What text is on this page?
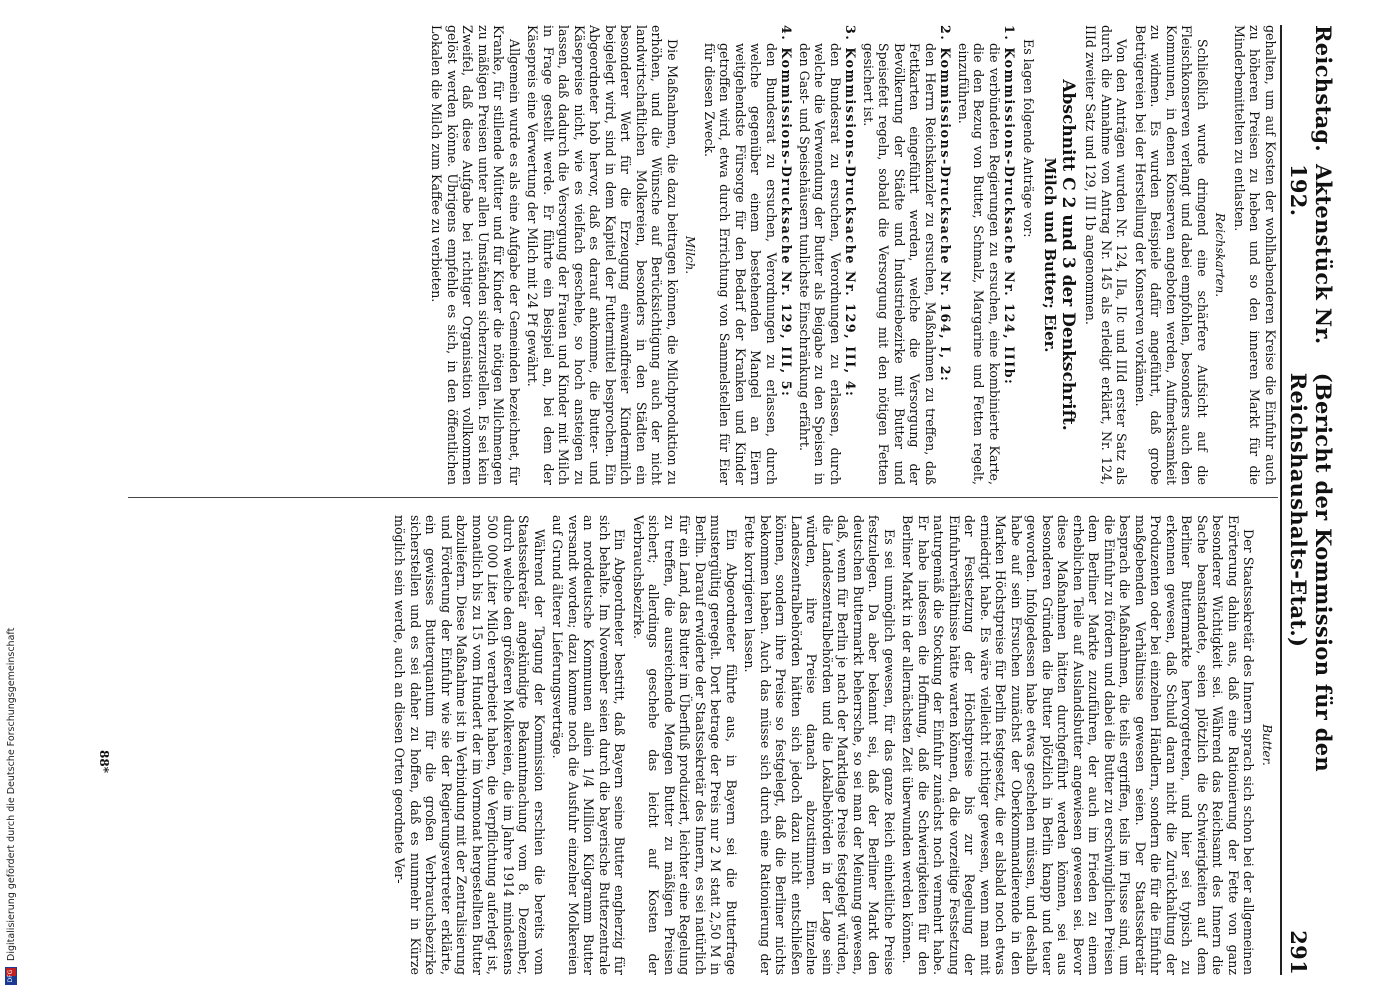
Reichstag.
Aktenstück Nr. 192.
(Bericht der Kommission für den Reichshaushalts-Etat.)
291

gehalten, um auf Kosten der wohlhabenderen Kreise die Einfuhr auch zu höheren Preisen zu heben und so den inneren Markt für die Minderbemittelten zu entlasten.

Reichskarten.

Schließlich wurde dringend eine schärfere Aufsicht auf die Fleischkonserven verlangt und dabei empfohlen, besonders auch den Kommunen, in denen Konserven angeboten werden, Aufmerksamkeit zu widmen. Es wurden Beispiele dafür angeführt, daß grobe Betrügereien bei der Herstellung der Konserven vorkämen.

Von den Anträgen wurden Nr. 124, IIa, IIc und IIId erster Satz als durch die Annahme von Antrag Nr. 145 als erledigt erklärt, Nr. 124, IIId zweiter Satz und 129, III 1b angenommen.

Abschnitt C 2 und 3 der Denkschrift.
Milch und Butter; Eier.

Es lagen folgende Anträge vor:

1. Kommissions-Drucksache Nr. 124, IIIb:
die verbündeten Regierungen zu ersuchen, eine kombinierte Karte, die den Bezug von Butter, Schmalz, Margarine und Fetten regelt, einzuführen.
2. Kommissions-Drucksache Nr. 164, I, 2:
den Herrn Reichskanzler zu ersuchen, Maßnahmen zu treffen, daß Fettkarten eingeführt werden, welche die Versorgung der Bevölkerung der Städte und Industriebezirke mit Butter und Speisefett regeln, sobald die Versorgung mit den nötigen Fetten gesichert ist.
3. Kommissions-Drucksache Nr. 129, III, 4:
den Bundesrat zu ersuchen, Verordnungen zu erlassen, durch welche die Verwendung der Butter als Beigabe zu den Speisen in den Gast- und Speisehäusern tunlichste Einschränkung erfährt.
4. Kommissions-Drucksache Nr. 129, III, 5:
den Bundesrat zu ersuchen, Verordnungen zu erlassen, durch welche gegenüber einem bestehenden Mangel an Eiern weitgehendste Fürsorge für den Bedarf der Kranken und Kinder getroffen wird, etwa durch Errichtung von Sammelstellen für Eier für diesen Zweck.
Milch.

Die Maßnahmen, die dazu beitragen können, die Milchproduktion zu erhöhen, und die Wünsche auf Berücksichtigung auch der nicht landwirtschaftlichen Molkereien, besonders in den Städten ein besonderer Wert für die Erzeugung einwandfreier Kindermilch beigelegt wird, sind in dem Kapitel der Futtermittel besprochen. Ein Abgeordneter hob hervor, daß es darauf ankomme, die Butter- und Käsepreise nicht, wie es vielfach geschehe, so hoch ansteigen zu lassen, daß dadurch die Versorgung der Frauen und Kinder mit Milch in Frage gestellt werde. Er führte ein Beispiel an, bei dem der Käsepreis eine Verwertung der Milch mit 24 Pf gewährt.

Allgemein wurde es als eine Aufgabe der Gemeinden bezeichnet, für Kranke, für stillende Mütter und für Kinder die nötigen Milchmengen zu mäßigen Preisen unter allen Umständen sicherzustellen. Es sei kein Zweifel, daß diese Aufgabe bei richtiger Organisation vollkommen gelöst werden könne. Übrigens empfehle es sich, in den öffentlichen Lokalen die Milch zum Kaffee zu verbieten.

Butter.

Der Staatssekretär des Innern sprach sich schon bei der allgemeinen Erörterung dahin aus, daß eine Rationierung der Fette von ganz besonderer Wichtigkeit sei. Während das Reichsamt des Innern die Sache beanstandete, seien plötzlich die Schwierigkeiten auf dem Berliner Buttermarkte hervorgetreten, und hier sei typisch zu erkennen gewesen, daß Schuld daran nicht die Zurückhaltung der Produzenten oder bei einzelnen Händlern, sondern die für die Einfuhr maßgebenden Verhältnisse gewesen seien. Der Staatssekretär besprach die Maßnahmen, die teils ergriffen, teils im Flusse sind, um die Einfuhr zu fördern und dabei die Butter zu erschwinglichen Preisen dem Berliner Markte zuzuführen, der auch im Frieden zu einem erheblichen Teile auf Auslandsbutter angewiesen gewesen sei. Bevor diese Maßnahmen hätten durchgeführt werden können, sei aus besonderen Gründen die Butter plötzlich in Berlin knapp und teuer geworden. Infolgedessen habe etwas geschehen müssen, und deshalb habe auf sein Ersuchen zunächst der Oberkommandierende in den Marken Höchstpreise für Berlin festgesetzt, die er alsbald noch etwas erniedrigt habe. Es wäre vielleicht richtiger gewesen, wenn man mit der Festsetzung der Höchstpreise bis zur Regelung der Einfuhrverhältnisse hätte warten können, da die vorzeitige Festsetzung naturgemäß die Stockung der Einfuhr zunächst noch vermehrt habe. Er habe indessen die Hoffnung, daß die Schwierigkeiten für den Berliner Markt in der allernächsten Zeit überwunden werden können.

Es sei unmöglich gewesen, für das ganze Reich einheitliche Preise festzulegen. Da aber bekannt sei, daß der Berliner Markt den deutschen Buttermarkt beherrsche, so sei man der Meinung gewesen, daß, wenn für Berlin je nach der Marktlage Preise festgelegt würden, die Landeszentralbehörden und die Lokalbehörden in der Lage sein würden, ihre Preise danach abzustimmen. Einzelne Landeszentralbehörden hätten sich jedoch dazu nicht entschließen können, sondern ihre Preise so festgelegt, daß die Berliner nichts bekommen haben. Auch das müsse sich durch eine Rationierung der Fette korrigieren lassen.

Ein Abgeordneter führte aus, in Bayern sei die Butterfrage mustergültig geregelt. Dort betrage der Preis nur 2 M statt 2,50 M in Berlin. Darauf erwiderte der Staatssekretär des Innern, es sei natürlich für ein Land, das Butter im Überfluß produziert, leichter eine Regelung zu treffen, die ausreichende Mengen Butter zu mäßigen Preisen sichert; allerdings geschehe das leicht auf Kosten der Verbrauchsbezirke.

Ein Abgeordneter bestritt, daß Bayern seine Butter engherzig für sich behalte. Im November seien durch die bayerische Butterzentrale an norddeutsche Kommunen allein 1/4 Million Kilogramm Butter versandt worden; dazu komme noch die Ausfuhr einzelner Molkereien auf Grund älterer Lieferungsverträge.

Während der Tagung der Kommission erschien die bereits vom Staatssekretär angekündigte Bekanntmachung vom 8. Dezember, durch welche den größeren Molkereien, die im Jahre 1914 mindestens 500 000 Liter Milch verarbeitet haben, die Verpflichtung auferlegt ist, monatlich bis zu 15 vom Hundert der im Vormonat hergestellten Butter abzuliefern. Diese Maßnahme ist in Verbindung mit der Zentralisierung und Förderung der Einfuhr wie sie der Regierungsvertreter erklärte, ein gewisses Butterquantum für die großen Verbrauchsbezirke sicherstellen und es sei daher zu hoffen, daß es nunmehr in Kürze möglich sein werde, auch an diesen Orten geordnete Ver-

88*
DFG
Digitalisierung gefördert durch die Deutsche Forschungsgemeinschaft
